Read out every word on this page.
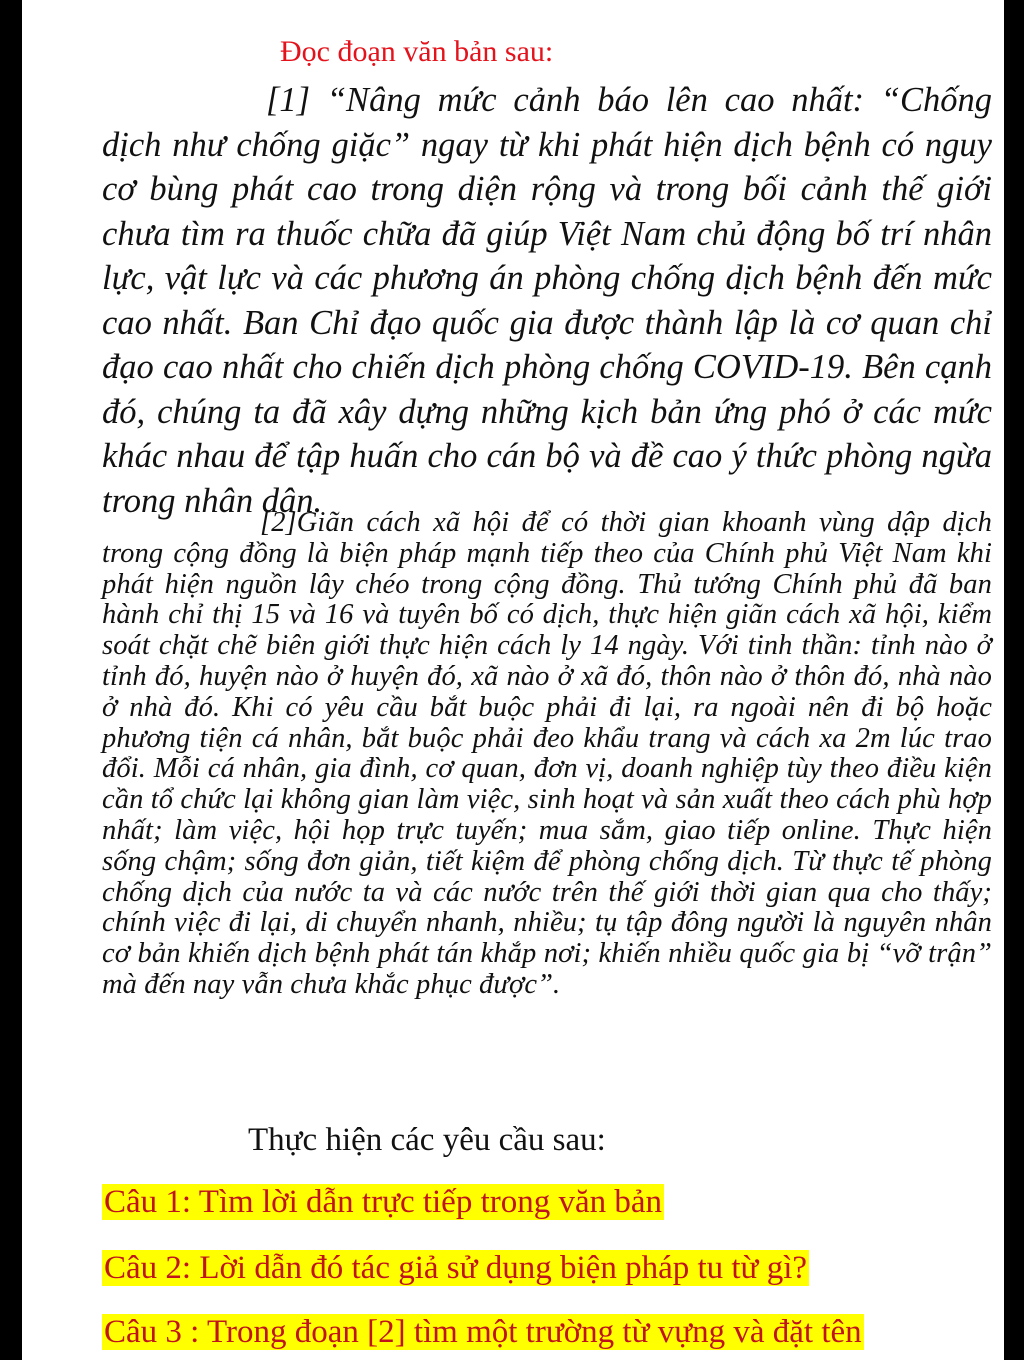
Đọc đoạn văn bản sau:
[1] “Nâng mức cảnh báo lên cao nhất: “Chống dịch như chống giặc” ngay từ khi phát hiện dịch bệnh có nguy cơ bùng phát cao trong diện rộng và trong bối cảnh thế giới chưa tìm ra thuốc chữa đã giúp Việt Nam chủ động bố trí nhân lực, vật lực và các phương án phòng chống dịch bệnh đến mức cao nhất. Ban Chỉ đạo quốc gia được thành lập là cơ quan chỉ đạo cao nhất cho chiến dịch phòng chống COVID-19. Bên cạnh đó, chúng ta đã xây dựng những kịch bản ứng phó ở các mức khác nhau để tập huấn cho cán bộ và đề cao ý thức phòng ngừa trong nhân dân.
[2]Giãn cách xã hội để có thời gian khoanh vùng dập dịch trong cộng đồng là biện pháp mạnh tiếp theo của Chính phủ Việt Nam khi phát hiện nguồn lây chéo trong cộng đồng. Thủ tướng Chính phủ đã ban hành chỉ thị 15 và 16 và tuyên bố có dịch, thực hiện giãn cách xã hội, kiểm soát chặt chẽ biên giới thực hiện cách ly 14 ngày. Với tinh thần: tỉnh nào ở tỉnh đó, huyện nào ở huyện đó, xã nào ở xã đó, thôn nào ở thôn đó, nhà nào ở nhà đó. Khi có yêu cầu bắt buộc phải đi lại, ra ngoài nên đi bộ hoặc phương tiện cá nhân, bắt buộc phải đeo khẩu trang và cách xa 2m lúc trao đổi. Mỗi cá nhân, gia đình, cơ quan, đơn vị, doanh nghiệp tùy theo điều kiện cần tổ chức lại không gian làm việc, sinh hoạt và sản xuất theo cách phù hợp nhất; làm việc, hội họp trực tuyến; mua sắm, giao tiếp online. Thực hiện sống chậm; sống đơn giản, tiết kiệm để phòng chống dịch. Từ thực tế phòng chống dịch của nước ta và các nước trên thế giới thời gian qua cho thấy; chính việc đi lại, di chuyển nhanh, nhiều; tụ tập đông người là nguyên nhân cơ bản khiến dịch bệnh phát tán khắp nơi; khiến nhiều quốc gia bị “vỡ trận” mà đến nay vẫn chưa khắc phục được”.
Thực hiện các yêu cầu sau:
Câu 1: Tìm lời dẫn trực tiếp trong văn bản
Câu 2: Lời dẫn đó tác giả sử dụng biện pháp tu từ gì?
Câu 3 : Trong đoạn [2] tìm một trường từ vựng và đặt tên
